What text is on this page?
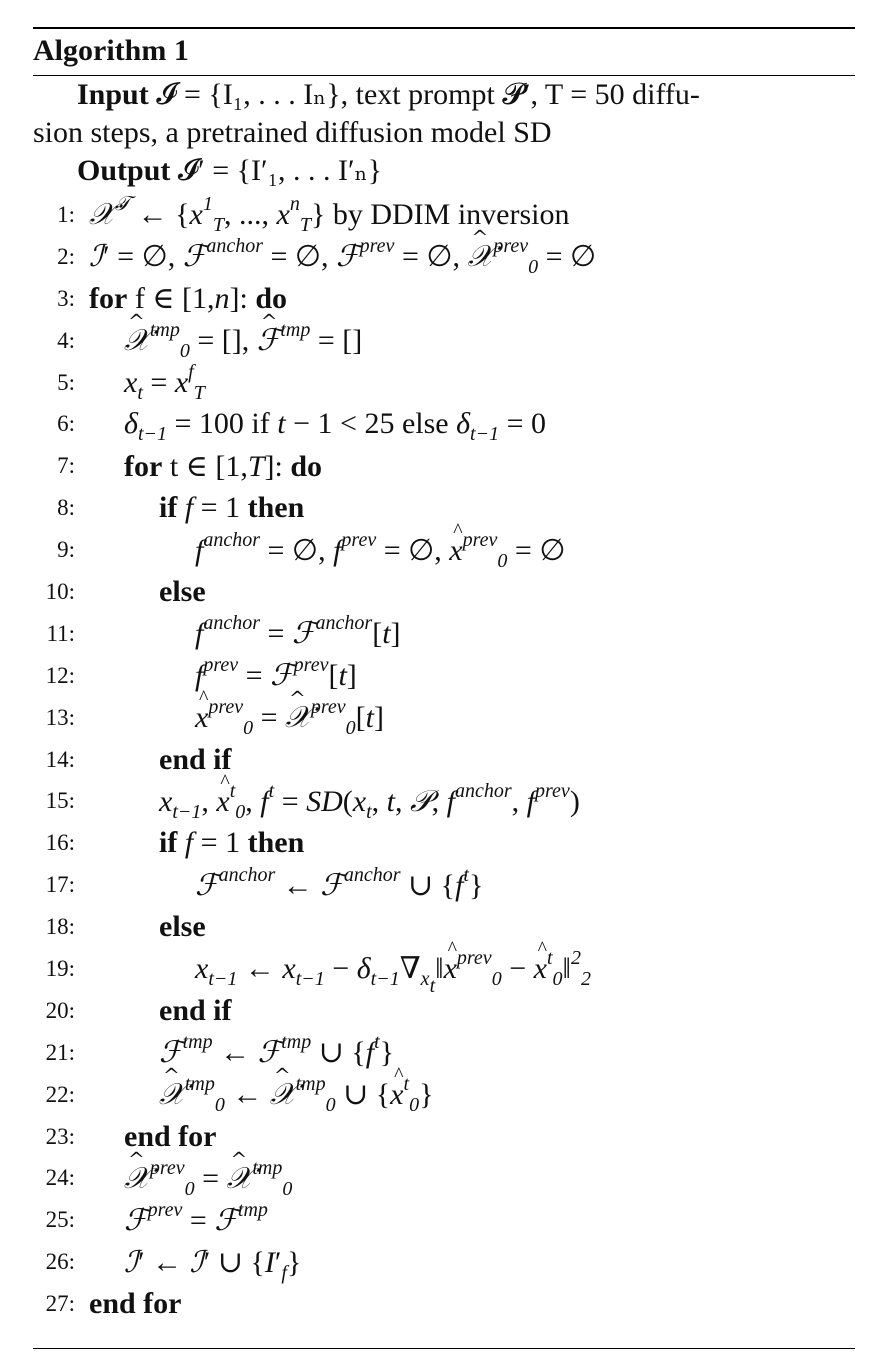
Algorithm 1
Input 𝓘 = {I₁, . . . Iₙ}, text prompt 𝓟′, T = 50 diffu-
sion steps, a pretrained diffusion model SD
Output 𝓘′ = {I′₁, . . . I′ₙ}
1: 𝒳$^𝒯$ ← {$x^1_T$, ..., $x^n_T$} by DDIM inversion
2: ℐ′ = ∅, ℱ$^{anchor}$ = ∅, ℱ$^{prev}$ = ∅, ^ 𝒳$^{prev}_0$ = ∅
3: for f ∈ [1,n]: do
4:	^ 𝒳$^{tmp}_0$ = [], ^ ℱ$^{tmp}$ = []
5:	$x_t = x^f_T$
6:	$\delta_{t-1} = 100$ if t − 1 < 25 else $\delta_{t-1} = 0$
7:	for t ∈ [1,T]: do
8:	if f = 1 then
9:	$f^{anchor}$ = ∅, $f^{prev}$ = ∅, ^ $x^{prev}_0$ = ∅
10:	else
11:	$f^{anchor}$ = ℱ$^{anchor}$[t]
12:	$f^{prev}$ = ℱ$^{prev}$[t]
13:	^ $x^{prev}_0$ = ^ 𝒳$^{prev}_0$[t]
14:	end if
15:	$x_{t-1}$, ^ $x^t_0$, $f^t = SD(x_t$, t, 𝒫, $f^{anchor}$, $f^{prev}$)
16:	if f = 1 then
17:	ℱ$^{anchor}$ ← ℱ$^{anchor}$ ∪ $\{f^t\}$
18:	else
19:	$x_{t-1}$ ← $x_{t-1}$ − $\delta_{t-1}\nabla_{x_t}‖\^{}$ $x^{prev}_0$ − ^ $x^t_0‖^2_2$
20:	end if
21:	ℱ$^{tmp}$ ← ℱ$^{tmp}$ ∪ $\{f^t\}$
22:	^ 𝒳$^{tmp}_0$ ← ^ 𝒳$^{tmp}_0$ ∪ {^ $x^t_0$}
23:	end for
24:	^ 𝒳$^{prev}_0$ = ^ 𝒳$^{tmp}_0$
25:	ℱ$^{prev}$ = ℱ$^{tmp}$
26:	ℐ′ ← ℐ′ ∪ $\{I'_f\}$
27: end for
